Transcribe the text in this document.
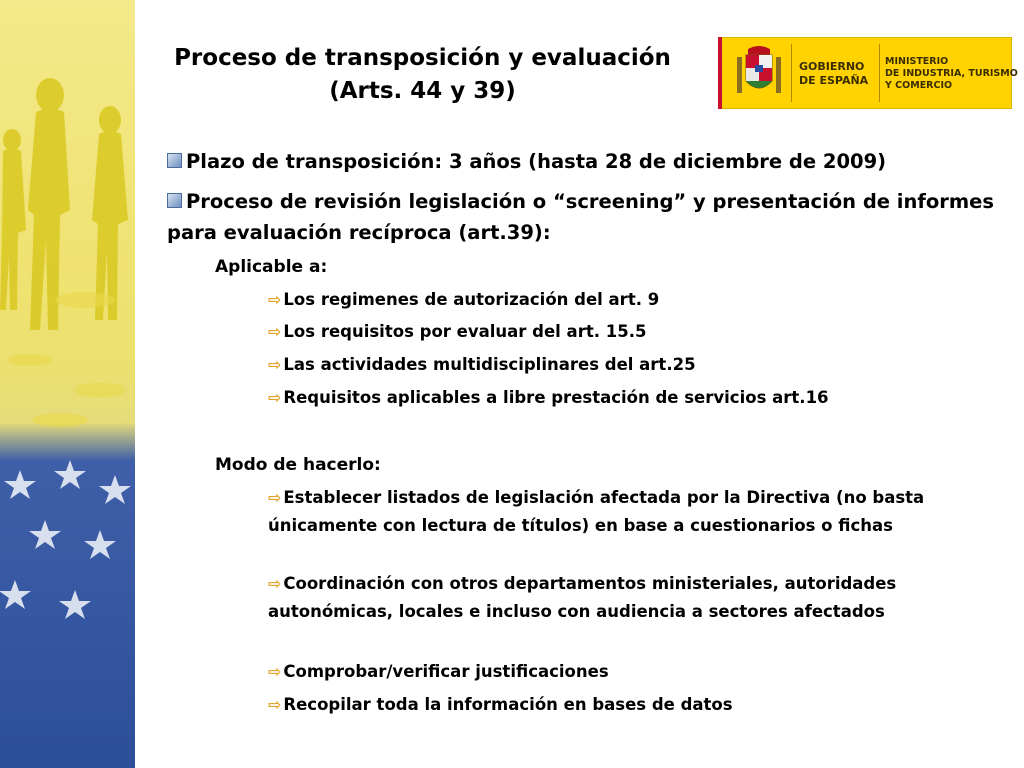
Proceso de transposición y evaluación
(Arts. 44 y 39)
GOBIERNO
DE ESPAÑA
MINISTERIO
DE INDUSTRIA, TURISMO
Y COMERCIO
Plazo de transposición: 3 años (hasta 28 de diciembre de 2009)
Proceso de revisión legislación o “screening” y presentación de informes para evaluación recíproca (art.39):
Aplicable a:
⇨ Los regimenes de autorización del art. 9
⇨ Los requisitos por evaluar del art. 15.5
⇨ Las actividades multidisciplinares del art.25
⇨ Requisitos aplicables a libre prestación de servicios art.16
Modo de hacerlo:
⇨ Establecer listados de legislación afectada por la Directiva (no basta únicamente con lectura de títulos) en base a cuestionarios o fichas
⇨ Coordinación con otros departamentos ministeriales, autoridades autonómicas, locales e incluso con audiencia a sectores afectados
⇨ Comprobar/verificar justificaciones
⇨ Recopilar toda la información en bases de datos
